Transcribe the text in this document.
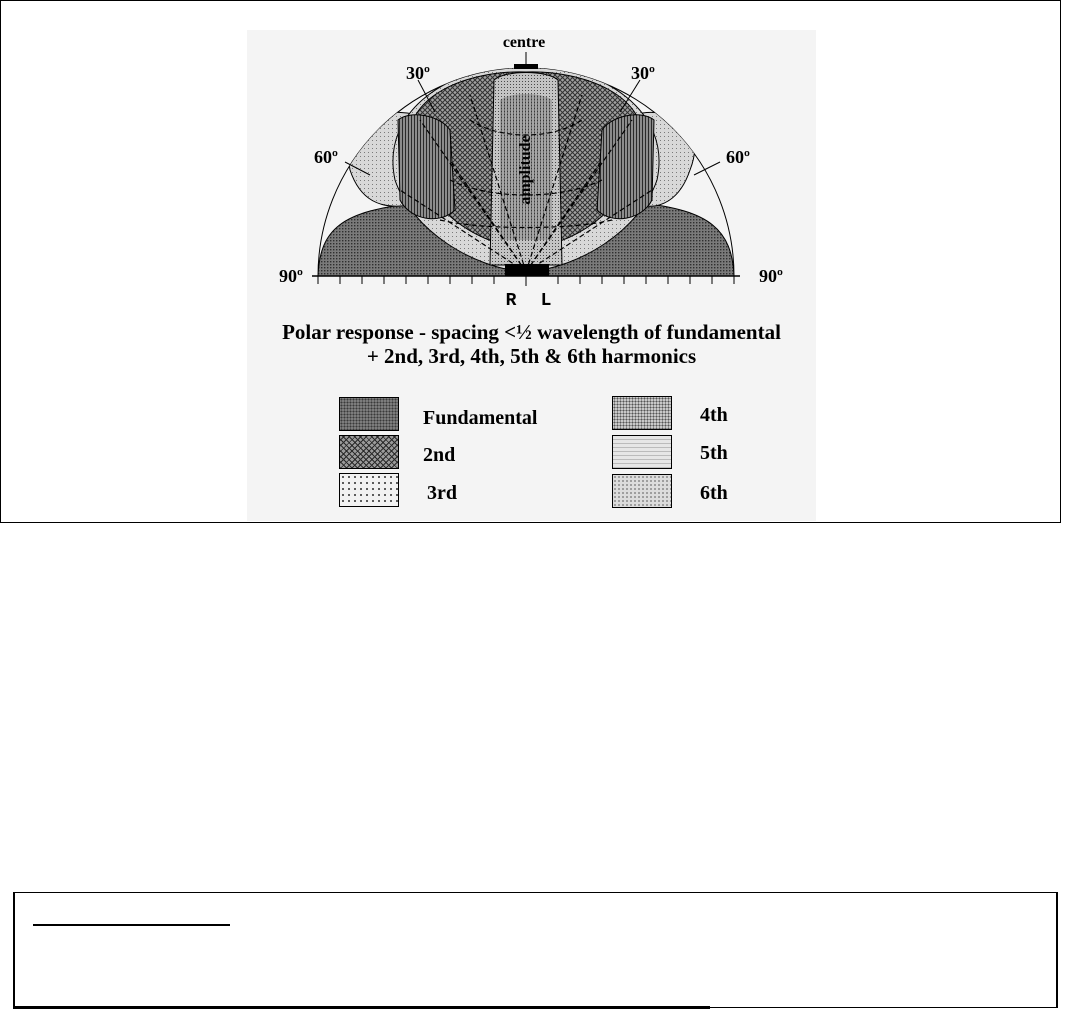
centre
30º	30º
60º	60º
90º	90º
amplitude
R L
Polar response - spacing <½ wavelength of fundamental
+ 2nd, 3rd, 4th, 5th & 6th harmonics
Fundamental
2nd
3rd
4th
5th
6th
